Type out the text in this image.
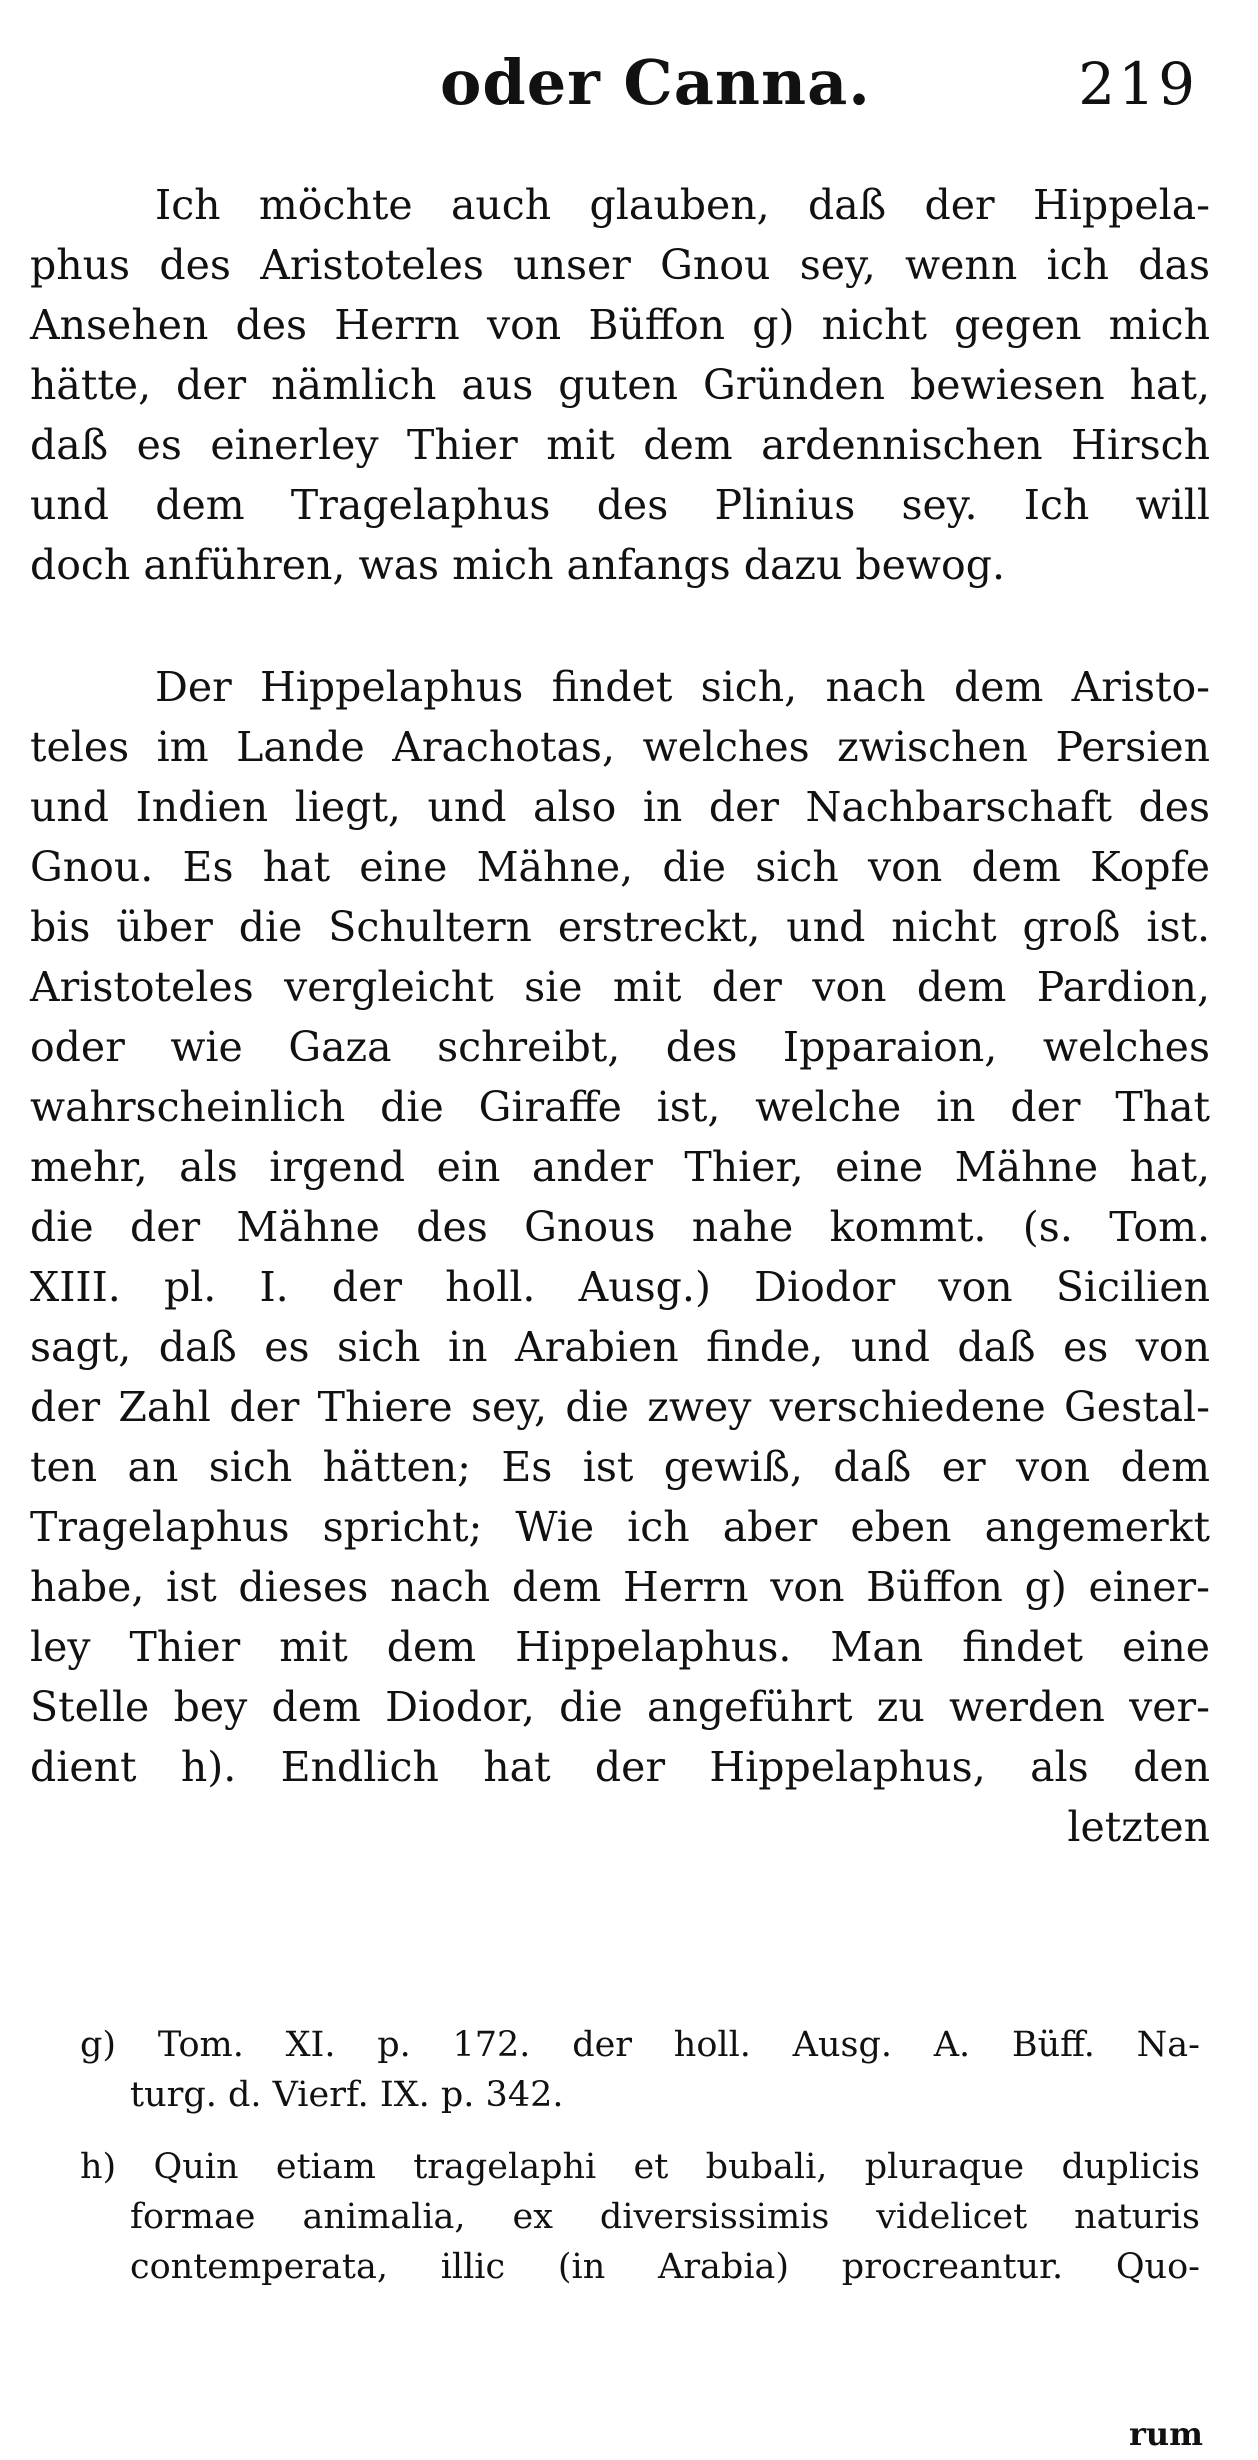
oder Canna.	219
Ich möchte auch glauben, daß der Hippela-
phus des Aristoteles unser Gnou sey, wenn ich das
Ansehen des Herrn von Büffon g) nicht gegen mich
hätte, der nämlich aus guten Gründen bewiesen hat,
daß es einerley Thier mit dem ardennischen Hirsch
und dem Tragelaphus des Plinius sey. Ich will
doch anführen, was mich anfangs dazu bewog.
Der Hippelaphus findet sich, nach dem Aristo-
teles im Lande Arachotas, welches zwischen Persien
und Indien liegt, und also in der Nachbarschaft des
Gnou. Es hat eine Mähne, die sich von dem Kopfe
bis über die Schultern erstreckt, und nicht groß ist.
Aristoteles vergleicht sie mit der von dem Pardion,
oder wie Gaza schreibt, des Ipparaion, welches
wahrscheinlich die Giraffe ist, welche in der That
mehr, als irgend ein ander Thier, eine Mähne hat,
die der Mähne des Gnous nahe kommt. (s. Tom.
XIII. pl. I. der holl. Ausg.) Diodor von Sicilien
sagt, daß es sich in Arabien finde, und daß es von
der Zahl der Thiere sey, die zwey verschiedene Gestal-
ten an sich hätten; Es ist gewiß, daß er von dem
Tragelaphus spricht; Wie ich aber eben angemerkt
habe, ist dieses nach dem Herrn von Büffon g) einer-
ley Thier mit dem Hippelaphus. Man findet eine
Stelle bey dem Diodor, die angeführt zu werden ver-
dient h). Endlich hat der Hippelaphus, als den
letzten
g) Tom. XI. p. 172. der holl. Ausg. A. Büff. Na-
turg. d. Vierf. IX. p. 342.
h) Quin etiam tragelaphi et bubali, pluraque duplicis
formae animalia, ex diversissimis videlicet naturis
contemperata, illic (in Arabia) procreantur. Quo-
rum
